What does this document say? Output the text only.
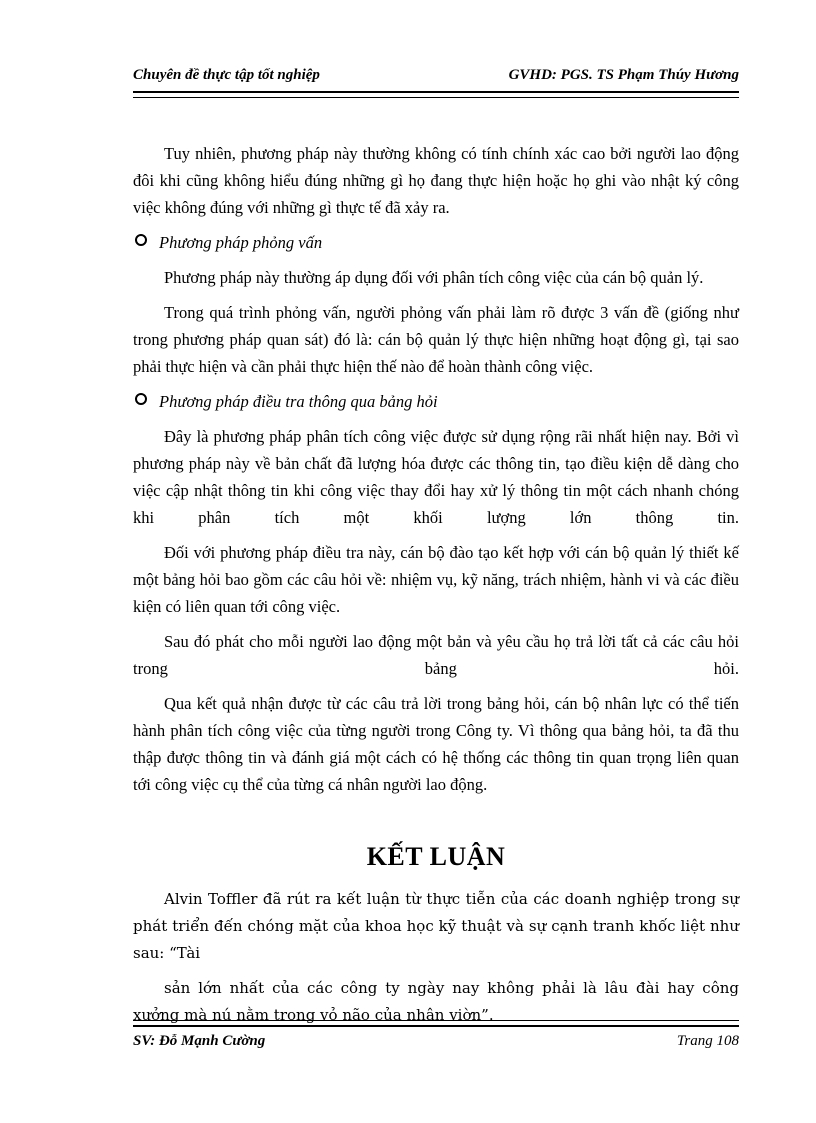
Chuyên đề thực tập tốt nghiệp	GVHD: PGS. TS Phạm Thúy Hương

Tuy nhiên, phương pháp này thường không có tính chính xác cao bởi người lao động đôi khi cũng không hiểu đúng những gì họ đang thực hiện hoặc họ ghi vào nhật ký công việc không đúng với những gì thực tế đã xảy ra.

Phương pháp phỏng vấn

Phương pháp này thường áp dụng đối với phân tích công việc của cán bộ quản lý.

Trong quá trình phỏng vấn, người phỏng vấn phải làm rõ được 3 vấn đề (giống như trong phương pháp quan sát) đó là: cán bộ quản lý thực hiện những hoạt động gì, tại sao phải thực hiện và cần phải thực hiện thế nào để hoàn thành công việc.

Phương pháp điều tra thông qua bảng hỏi

Đây là phương pháp phân tích công việc được sử dụng rộng rãi nhất hiện nay. Bởi vì phương pháp này về bản chất đã lượng hóa được các thông tin, tạo điều kiện dễ dàng cho việc cập nhật thông tin khi công việc thay đổi hay xử lý thông tin một cách nhanh chóng khi phân tích một khối lượng lớn thông tin.

Đối với phương pháp điều tra này, cán bộ đào tạo kết hợp với cán bộ quản lý thiết kế một bảng hỏi bao gồm các câu hỏi về: nhiệm vụ, kỹ năng, trách nhiệm, hành vi và các điều kiện có liên quan tới công việc.

Sau đó phát cho mỗi người lao động một bản và yêu cầu họ trả lời tất cả các câu hỏi trong bảng hỏi.

Qua kết quả nhận được từ các câu trả lời trong bảng hỏi, cán bộ nhân lực có thể tiến hành phân tích công việc của từng người trong Công ty. Vì thông qua bảng hỏi, ta đã thu thập được thông tin và đánh giá một cách có hệ thống các thông tin quan trọng liên quan tới công việc cụ thể của từng cá nhân người lao động.

KẾT LUẬN

Alvin Toffler đã rút ra kết luận từ thực tiễn của các doanh nghiệp trong sự phát triển đến chóng mặt của khoa học kỹ thuật và sự cạnh tranh khốc liệt như sau: “Tài

sản lớn nhất của các công ty ngày nay không phải là lâu đài hay công xưởng mà nú nằm trong vỏ não của nhân viờn”.

SV: Đỗ Mạnh Cường	Trang 108
